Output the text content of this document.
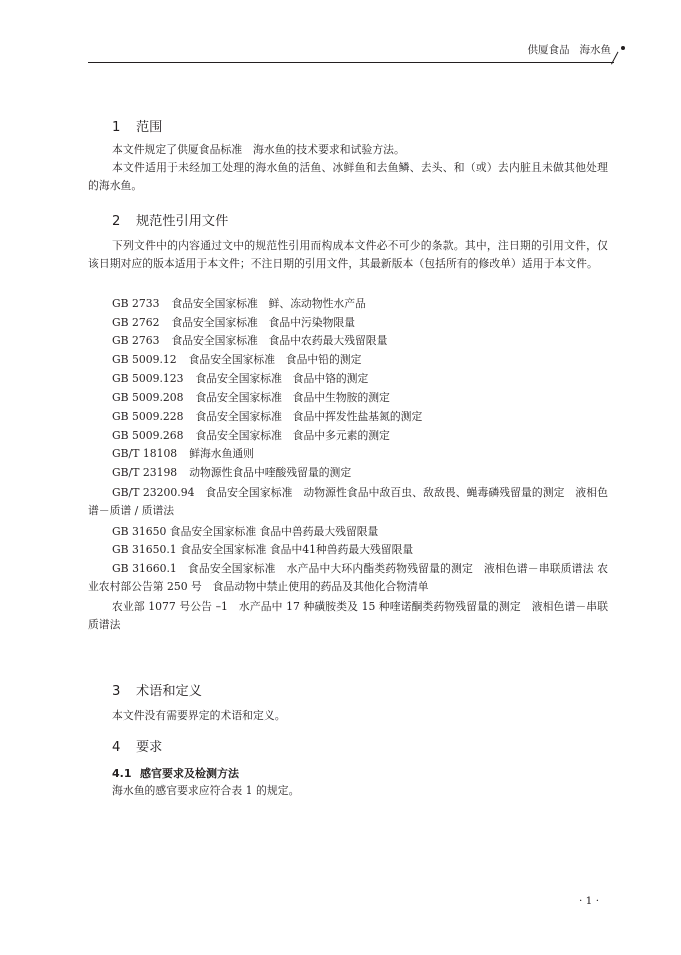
供厦食品 海水鱼
1 范围
本文件规定了供厦食品标准　海水鱼的技术要求和试验方法。
本文件适用于未经加工处理的海水鱼的活鱼、冰鲜鱼和去鱼鳞、去头、和（或）去内脏且未做其他处理的海水鱼。
2 规范性引用文件
下列文件中的内容通过文中的规范性引用而构成本文件必不可少的条款。其中，注日期的引用文件，仅该日期对应的版本适用于本文件；不注日期的引用文件，其最新版本（包括所有的修改单）适用于本文件。
GB 2733 食品安全国家标准　鲜、冻动物性水产品
GB 2762 食品安全国家标准　食品中污染物限量
GB 2763 食品安全国家标准　食品中农药最大残留限量
GB 5009.12 食品安全国家标准　食品中铅的测定
GB 5009.123 食品安全国家标准　食品中铬的测定
GB 5009.208 食品安全国家标准　食品中生物胺的测定
GB 5009.228 食品安全国家标准　食品中挥发性盐基氮的测定
GB 5009.268 食品安全国家标准　食品中多元素的测定
GB/T 18108 鲜海水鱼通则
GB/T 23198 动物源性食品中喹酸残留量的测定
GB/T 23200.94　食品安全国家标准　动物源性食品中敌百虫、敌敌畏、蝇毒磷残留量的测定　液相色谱－质谱 / 质谱法
GB 31650 食品安全国家标准 食品中兽药最大残留限量
GB 31650.1 食品安全国家标准 食品中41种兽药最大残留限量
GB 31660.1　食品安全国家标准　水产品中大环内酯类药物残留量的测定　液相色谱－串联质谱法 农业农村部公告第 250 号　食品动物中禁止使用的药品及其他化合物清单
农业部 1077 号公告 –1　水产品中 17 种磺胺类及 15 种喹诺酮类药物残留量的测定　液相色谱－串联质谱法
3 术语和定义
本文件没有需要界定的术语和定义。
4 要求
4.1 感官要求及检测方法
海水鱼的感官要求应符合表 1 的规定。
· 1 ·
